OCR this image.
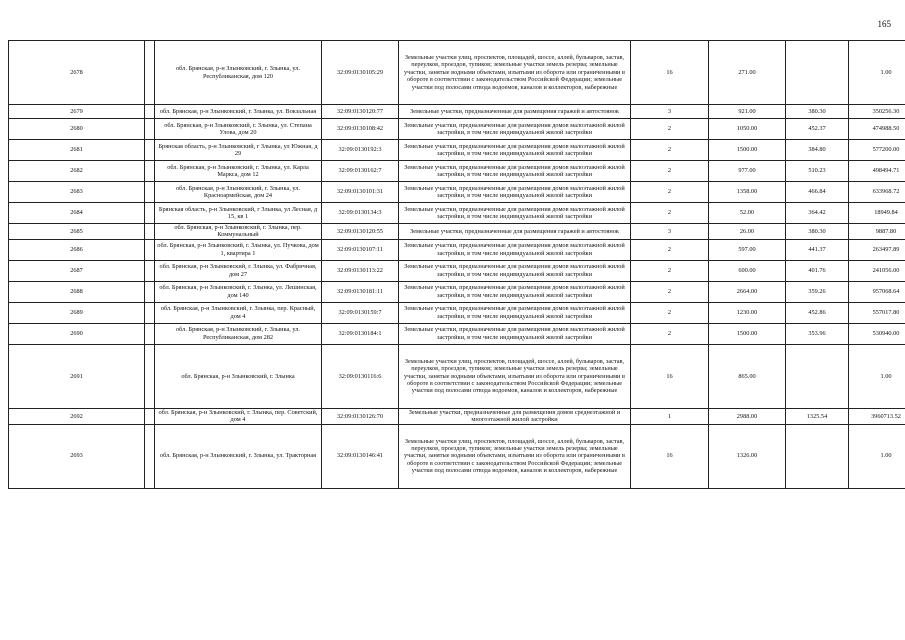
165
2678		обл. Брянская, р-н Злынковский, г. Злынка, ул. Республиканская, дом 120	32:09:0130105:29	Земельные участки улиц, проспектов, площадей, шоссе, аллей, бульваров, застав, переулков, проездов, тупиков; земельные участки земель резерва; земельные участки, занятые водными объектами, изъятыми из оборота или ограниченными в обороте в соответствии с законодательством Российской Федерации; земельные участки под полосами отвода водоемов, каналов и коллекторов, набережные	16	271.00		1.00
2679		обл. Брянская, р-н Злынковский, г. Злынка, ул. Вокзальная	32:09:0130120:77	Земельные участки, предназначенные для размещения гаражей и автостоянок	3	921.00	380.30	350256.30
2680		обл. Брянская, р-н Злынковский, г. Злынка, ул. Степана Улова, дом 20	32:09:0130108:42	Земельные участки, предназначенные для размещения домов малоэтажной жилой застройки, в том числе индивидуальной жилой застройки	2	1050.00	452.37	474988.50
2681		Брянская область, р-н Злынковский, г Злынка, ул Южная, д 29	32:09:0130192:3	Земельные участки, предназначенные для размещения домов малоэтажной жилой застройки, в том числе индивидуальной жилой застройки	2	1500.00	384.80	577200.00
2682		обл. Брянская, р-н Злынковский, г. Злынка, ул. Карла Маркса, дом 12	32:09:0130162:7	Земельные участки, предназначенные для размещения домов малоэтажной жилой застройки, в том числе индивидуальной жилой застройки	2	977.00	510.23	498494.71
2683		обл. Брянская, р-н Злынковский, г. Злынка, ул. Красноармейская, дом 24	32:09:0130101:31	Земельные участки, предназначенные для размещения домов малоэтажной жилой застройки, в том числе индивидуальной жилой застройки	2	1358.00	466.84	633968.72
2684		Брянская область, р-н Злынковский, г Злынка, ул Лесная, д 15, кв 1	32:09:0130134:3	Земельные участки, предназначенные для размещения домов малоэтажной жилой застройки, в том числе индивидуальной жилой застройки	2	52.00	364.42	18949.84
2685		обл. Брянская, р-н Злынковский, г. Злынка, пер. Коммунальный	32:09:0130120:55	Земельные участки, предназначенные для размещения гаражей и автостоянок	3	26.00	380.30	9887.80
2686		обл. Брянская, р-н Злынковский, г. Злынка, ул. Пучкова, дом 1, квартира 1	32:09:0130107:11	Земельные участки, предназначенные для размещения домов малоэтажной жилой застройки, в том числе индивидуальной жилой застройки	2	597.00	441.37	263497.89
2687		обл. Брянская, р-н Злынковский, г. Злынка, ул. Фабричная, дом 27	32:09:0130113:22	Земельные участки, предназначенные для размещения домов малоэтажной жилой застройки, в том числе индивидуальной жилой застройки	2	600.00	401.76	241056.00
2688		обл. Брянская, р-н Злынковский, г. Злынка, ул. Лешинская, дом 140	32:09:0130181:11	Земельные участки, предназначенные для размещения домов малоэтажной жилой застройки, в том числе индивидуальной жилой застройки	2	2664.00	359.26	957068.64
2689		обл. Брянская, р-н Злынковский, г. Злынка, пер. Красный, дом 4	32:09:0130159:7	Земельные участки, предназначенные для размещения домов малоэтажной жилой застройки, в том числе индивидуальной жилой застройки	2	1230.00	452.86	557017.80
2690		обл. Брянская, р-н Злынковский, г. Злынка, ул. Республиканская, дом 282	32:09:0130184:1	Земельные участки, предназначенные для размещения домов малоэтажной жилой застройки, в том числе индивидуальной жилой застройки	2	1500.00	353.96	530940.00
2691		обл. Брянская, р-н Злынковский, г. Злынка	32:09:0130116:6	Земельные участки улиц, проспектов, площадей, шоссе, аллей, бульваров, застав, переулков, проездов, тупиков; земельные участки земель резерва; земельные участки, занятые водными объектами, изъятыми из оборота или ограниченными в обороте в соответствии с законодательством Российской Федерации; земельные участки под полосами отвода водоемов, каналов и коллекторов, набережные	16	865.00		1.00
2692		обл. Брянская, р-н Злынковский, г. Злынка, пер. Советский, дом 4	32:09:0130126:70	Земельные участки, предназначенные для размещения домов среднеэтажной и многоэтажной жилой застройки	1	2988.00	1325.54	3960713.52
2693		обл. Брянская, р-н Злынковский, г. Злынка, ул. Тракторная	32:09:0130146:41	Земельные участки улиц, проспектов, площадей, шоссе, аллей, бульваров, застав, переулков, проездов, тупиков; земельные участки земель резерва; земельные участки, занятые водными объектами, изъятыми из оборота или ограниченными в обороте в соответствии с законодательством Российской Федерации; земельные участки под полосами отвода водоемов, каналов и коллекторов, набережные	16	1326.00		1.00
